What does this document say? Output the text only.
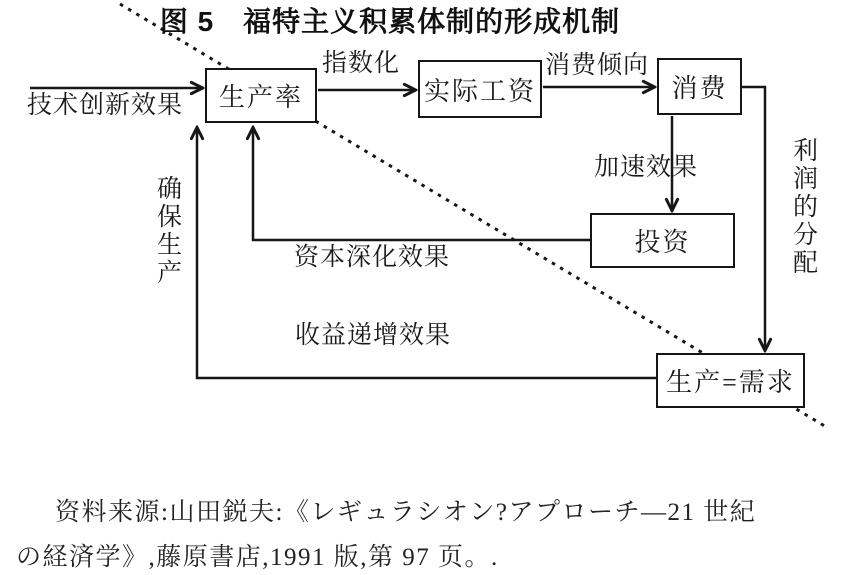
生产率	实际工资	消费
投资
生产=需求
技术创新效果
指数化	消费倾向
加速效果	利润的分配
资本深化效果
收益递增效果
确保生产
图 5　福特主义积累体制的形成机制
资料来源:山田鋭夫:《レギュラシオン?アプローチ—21 世紀
の経済学》,藤原書店,1991 版,第 97 页。.
